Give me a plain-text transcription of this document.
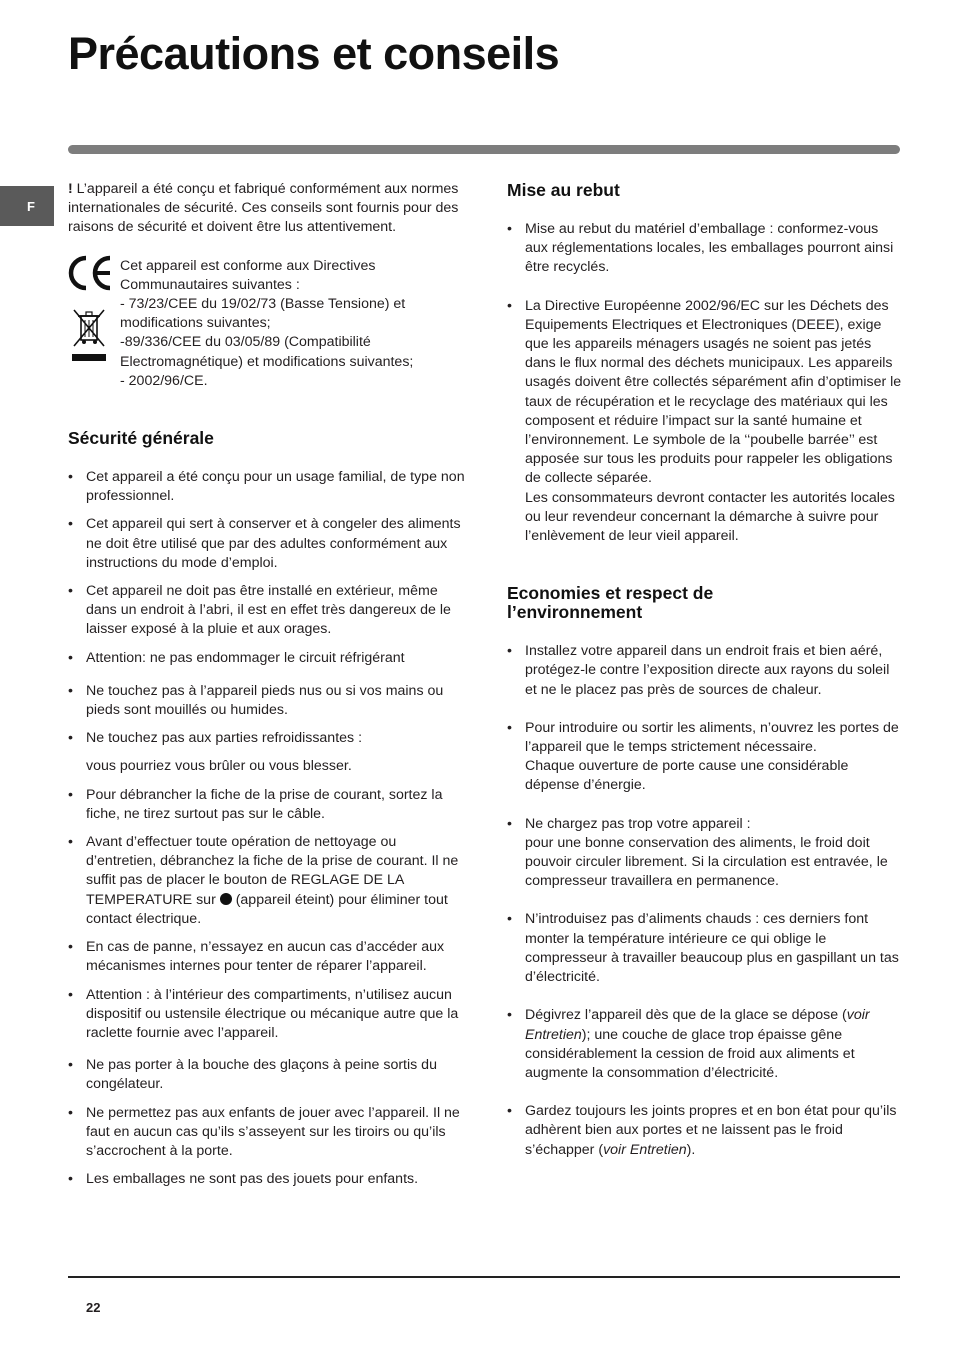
Précautions et conseils
F

! L’appareil a été conçu et fabriqué conformément aux normes internationales de sécurité. Ces conseils sont fournis pour des raisons de sécurité et doivent être lus attentivement.

Cet appareil est conforme aux Directives Communautaires suivantes :

- 73/23/CEE du 19/02/73 (Basse Tensione) et modifications suivantes;

-89/336/CEE du 03/05/89 (Compatibilité Electromagnétique) et modifications suivantes;

- 2002/96/CE.

Sécurité générale
• Cet appareil a été conçu pour un usage familial, de type non professionnel.
• Cet appareil qui sert à conserver et à congeler des aliments ne doit être utilisé que par des adultes conformément aux instructions du mode d’emploi.
• Cet appareil ne doit pas être installé en extérieur, même dans un endroit à l’abri, il est en effet très dangereux de le laisser exposé à la pluie et aux orages.
• Attention: ne pas endommager le circuit réfrigérant
• Ne touchez pas à l’appareil pieds nus ou si vos mains ou pieds sont mouillés ou humides.
• Ne touchez pas aux parties refroidissantes :

vous pourriez vous brûler ou vous blesser.

• Pour débrancher la fiche de la prise de courant, sortez la fiche, ne tirez surtout pas sur le câble.
• Avant d’effectuer toute opération de nettoyage ou d’entretien, débranchez la fiche de la prise de courant. Il ne suffit pas de placer le bouton de REGLAGE DE LA TEMPERATURE sur  (appareil éteint) pour éliminer tout contact électrique.
• En cas de panne, n’essayez en aucun cas d’accéder aux mécanismes internes pour tenter de réparer l’appareil.
• Attention : à l’intérieur des compartiments, n’utilisez aucun dispositif ou ustensile électrique ou mécanique autre que la raclette fournie avec l’appareil.
• Ne pas porter à la bouche des glaçons à peine sortis du congélateur.
• Ne permettez pas aux enfants de jouer avec l’appareil. Il ne faut en aucun cas qu’ils s’asseyent sur les tiroirs ou qu’ils s’accrochent à la porte.
• Les emballages ne sont pas des jouets pour enfants.
Mise au rebut
• Mise au rebut du matériel d’emballage : conformez-vous aux réglementations locales, les emballages pourront ainsi être recyclés.
• La Directive Européenne 2002/96/EC sur les Déchets des Equipements Electriques et Electroniques (DEEE), exige que les appareils ménagers usagés ne soient pas jetés dans le flux normal des déchets municipaux. Les appareils usagés doivent être collectés séparément afin d’optimiser le taux de récupération et le recyclage des matériaux qui les composent et réduire l’impact sur la santé humaine et l’environnement. Le symbole de la ‘‘poubelle barrée’’ est apposée sur tous les produits pour rappeler les obligations de collecte séparée.
Les consommateurs devront contacter les autorités locales ou leur revendeur concernant la démarche à suivre pour l’enlèvement de leur vieil appareil.
Economies et respect de
l’environnement
• Installez votre appareil dans un endroit frais et bien aéré, protégez-le contre l’exposition directe aux rayons du soleil et ne le placez pas près de sources de chaleur.
• Pour introduire ou sortir les aliments, n’ouvrez les portes de l’appareil que le temps strictement nécessaire.
Chaque ouverture de porte cause une considérable dépense d’énergie.
• Ne chargez pas trop votre appareil :
pour une bonne conservation des aliments, le froid doit pouvoir circuler librement. Si la circulation est entravée, le compresseur travaillera en permanence.
• N’introduisez pas d’aliments chauds : ces derniers font monter la température intérieure ce qui oblige le compresseur à travailler beaucoup plus en gaspillant un tas d’électricité.
• Dégivrez l’appareil dès que de la glace se dépose (voir Entretien); une couche de glace trop épaisse gêne considérablement la cession de froid aux aliments et augmente la consommation d’électricité.
• Gardez toujours les joints propres et en bon état pour qu’ils adhèrent bien aux portes et ne laissent pas le froid s’échapper (voir Entretien).
22
